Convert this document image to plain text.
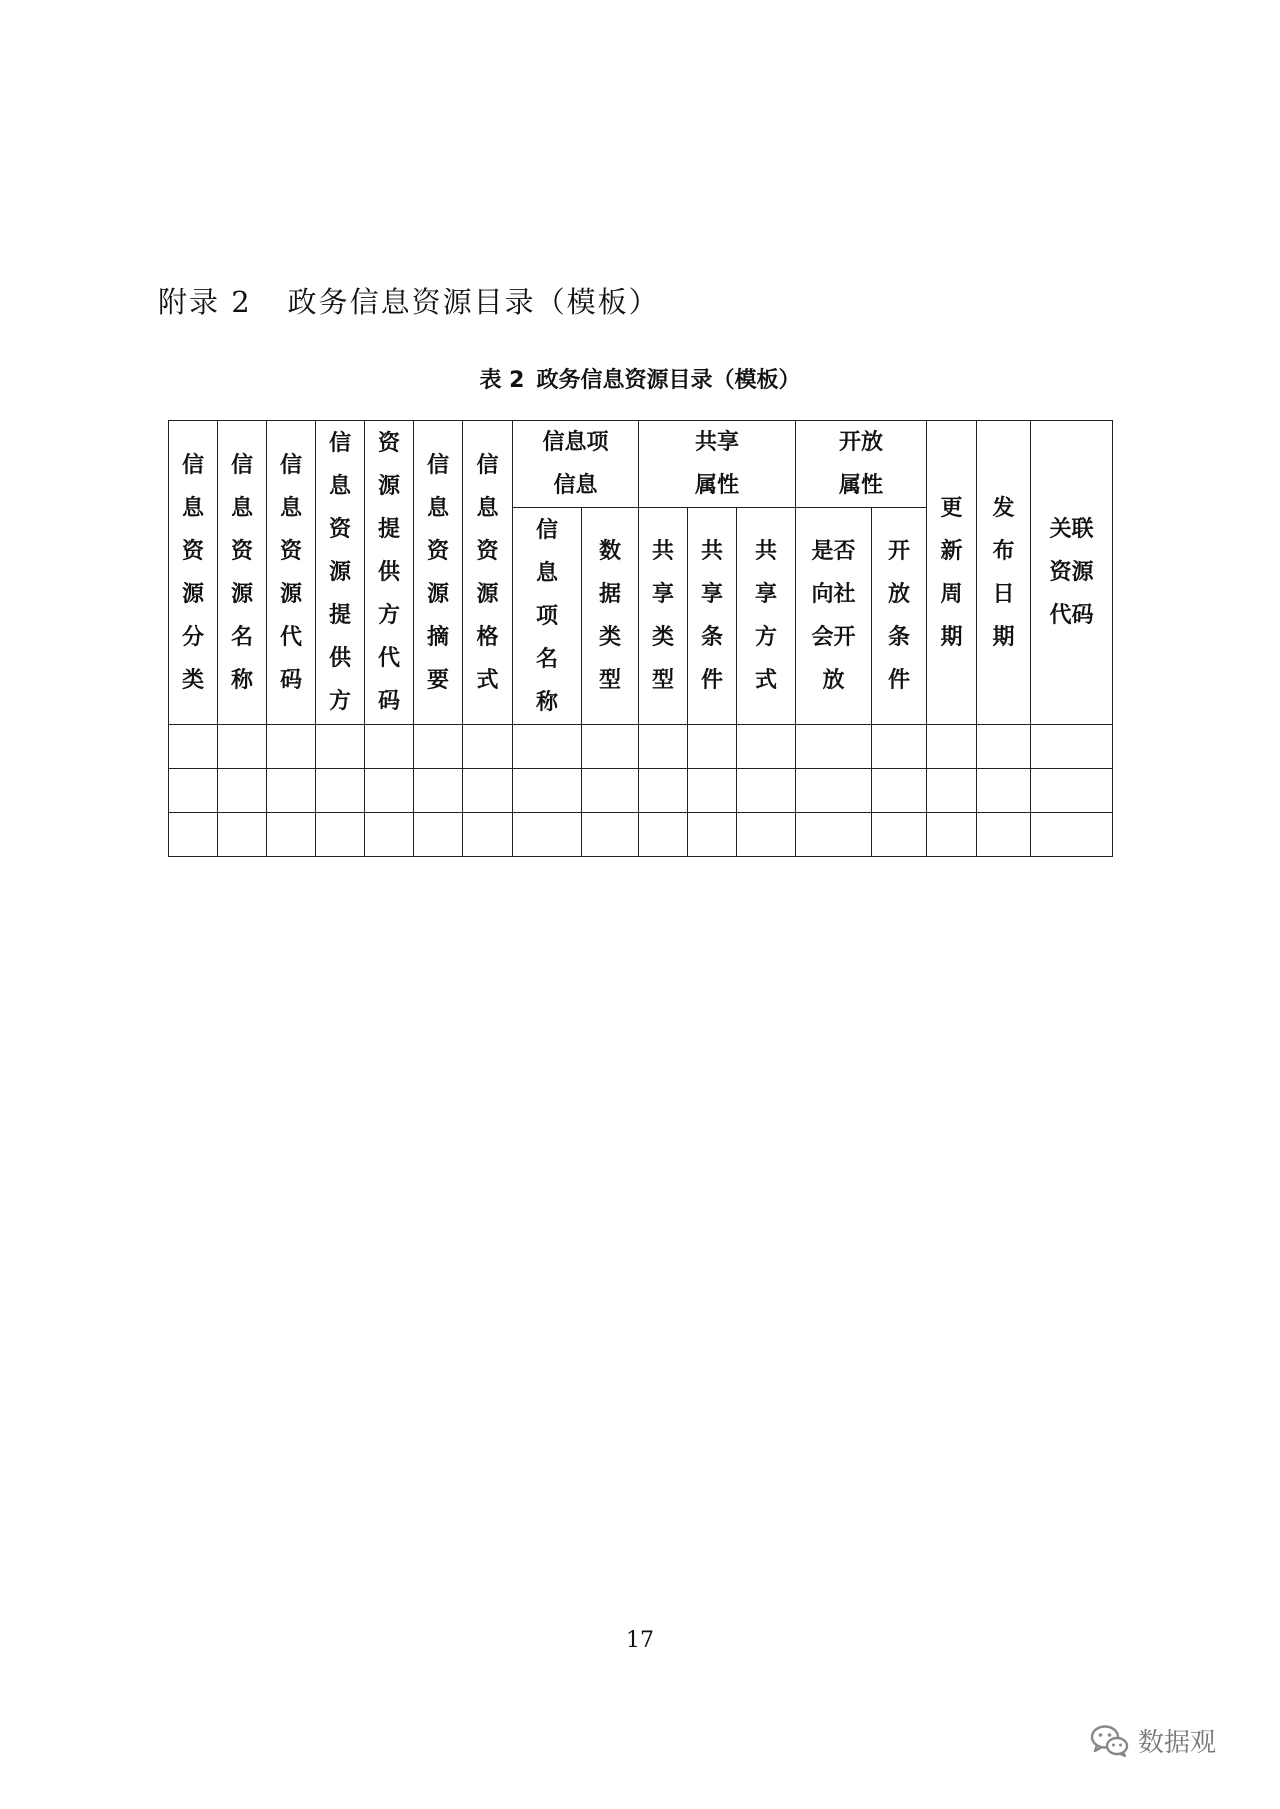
附录 2 政务信息资源目录（模板）

表 2 政务信息资源目录（模板）

信息资源分类	信息资源名称	信息资源代码	信息资源提供方	资源提供方代码	信息资源摘要	信息资源格式	信息项信息		共享属性			开放属性		更新周期	发布日期	关联资源代码
							信息项名称	数据类型	共享类型	共享条件	共享方式	是否向社会开放	开放条件			

17
数据观
